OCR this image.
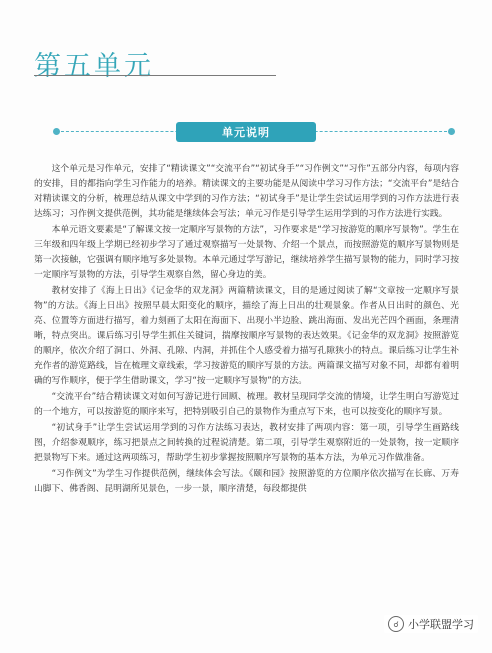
第五单元
单元说明

这个单元是习作单元，安排了“精读课文”“交流平台”“初试身手”“习作例文”“习作”五部分内容，每项内容的安排，目的都指向学生习作能力的培养。精读课文的主要功能是从阅读中学习习作方法；“交流平台”是结合对精读课文的分析，梳理总结从课文中学到的习作方法；“初试身手”是让学生尝试运用学到的习作方法进行表达练习；习作例文提供范例，其功能是继续体会写法；单元习作是引导学生运用学到的习作方法进行实践。

本单元语文要素是“了解课文按一定顺序写景物的方法”，习作要求是“学习按游览的顺序写景物”。学生在三年级和四年级上学期已经初步学习了通过观察描写一处景物、介绍一个景点，而按照游览的顺序写景物则是第一次接触，它强调有顺序地写多处景物。本单元通过学写游记，继续培养学生描写景物的能力，同时学习按一定顺序写景物的方法，引导学生观察自然，留心身边的美。

教材安排了《海上日出》《记金华的双龙洞》两篇精读课文，目的是通过阅读了解“文章按一定顺序写景物”的方法。《海上日出》按照早晨太阳变化的顺序，描绘了海上日出的壮观景象。作者从日出时的颜色、光亮、位置等方面进行描写，着力刻画了太阳在海面下、出现小半边脸、跳出海面、发出光芒四个画面，条理清晰，特点突出。课后练习引导学生抓住关键词，揣摩按顺序写景物的表达效果。《记金华的双龙洞》按照游览的顺序，依次介绍了洞口、外洞、孔隙、内洞，并抓住个人感受着力描写孔隙狭小的特点。课后练习让学生补充作者的游览路线，旨在梳理文章线索，学习按游览的顺序写景的方法。两篇课文描写对象不同，却都有着明确的写作顺序，便于学生借助课文，学习“按一定顺序写景物”的方法。

“交流平台”结合精读课文对如何写游记进行回顾、梳理。教材呈现同学交流的情境，让学生明白写游览过的一个地方，可以按游览的顺序来写，把特别吸引自己的景物作为重点写下来，也可以按变化的顺序写景。

“初试身手”让学生尝试运用学到的习作方法练习表达，教材安排了两项内容：第一项，引导学生画路线图，介绍参观顺序，练习把景点之间转换的过程说清楚。第二项，引导学生观察附近的一处景物，按一定顺序把景物写下来。通过这两项练习，帮助学生初步掌握按照顺序写景物的基本方法，为单元习作做准备。

“习作例文”为学生习作提供范例，继续体会写法。《颐和园》按照游览的方位顺序依次描写在长廊、万寿山脚下、佛香阁、昆明湖所见景色，一步一景，顺序清楚，每段都提供

☌ 小学联盟学习
